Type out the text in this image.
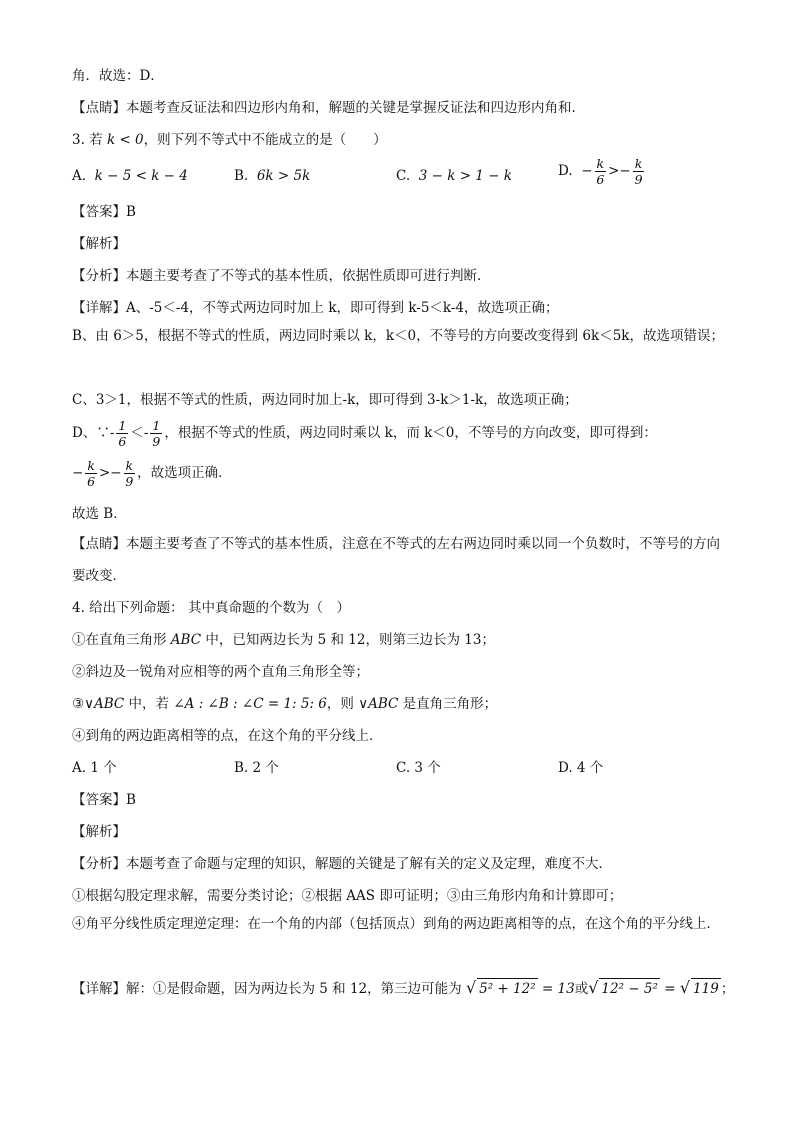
角．故选：D．
【点睛】本题考查反证法和四边形内角和，解题的关键是掌握反证法和四边形内角和.
3. 若 k < 0，则下列不等式中不能成立的是（　　）
A. k − 5 < k − 4	B. 6k > 5k	C. 3 − k > 1 − k	D. − $\frac{k}{6} >- \frac{k}{9}$
【答案】B
【解析】
【分析】本题主要考查了不等式的基本性质，依据性质即可进行判断．
【详解】A、-5＜-4，不等式两边同时加上 k，即可得到 k-5＜k-4，故选项正确；
B、由 6＞5，根据不等式的性质，两边同时乘以 k，k＜0，不等号的方向要改变得到 6k＜5k，故选项错误；
C、3＞1，根据不等式的性质，两边同时加上-k，即可得到 3-k＞1-k，故选项正确；
D、∵- $\frac{1}{6} <- \frac{1}{9}$ ，根据不等式的性质，两边同时乘以 k，而 k＜0，不等号的方向改变，即可得到：
− $\frac{k}{6} >- \frac{k}{9}$ ，故选项正确．
故选 B．
【点睛】本题主要考查了不等式的基本性质，注意在不等式的左右两边同时乘以同一个负数时，不等号的方向要改变．
4. 给出下列命题： 其中真命题的个数为（　）
①在直角三角形 ABC 中，已知两边长为 5 和 12，则第三边长为 13；
②斜边及一锐角对应相等的两个直角三角形全等；
③∨ABC 中，若 ∠A : ∠B : ∠C = 1: 5: 6，则 ∨ABC 是直角三角形；
④到角的两边距离相等的点，在这个角的平分线上．
A. 1 个	B. 2 个	C. 3 个	D. 4 个
【答案】B
【解析】
【分析】本题考查了命题与定理的知识，解题的关键是了解有关的定义及定理，难度不大．
①根据勾股定理求解，需要分类讨论；②根据 AAS 即可证明；③由三角形内角和计算即可；
④角平分线性质定理逆定理：在一个角的内部（包括顶点）到角的两边距离相等的点，在这个角的平分线上．
【详解】解：①是假命题，因为两边长为 5 和 12，第三边可能为 √ 5² + 12² = 13或√ 12² − 5² = √ 119 ；
